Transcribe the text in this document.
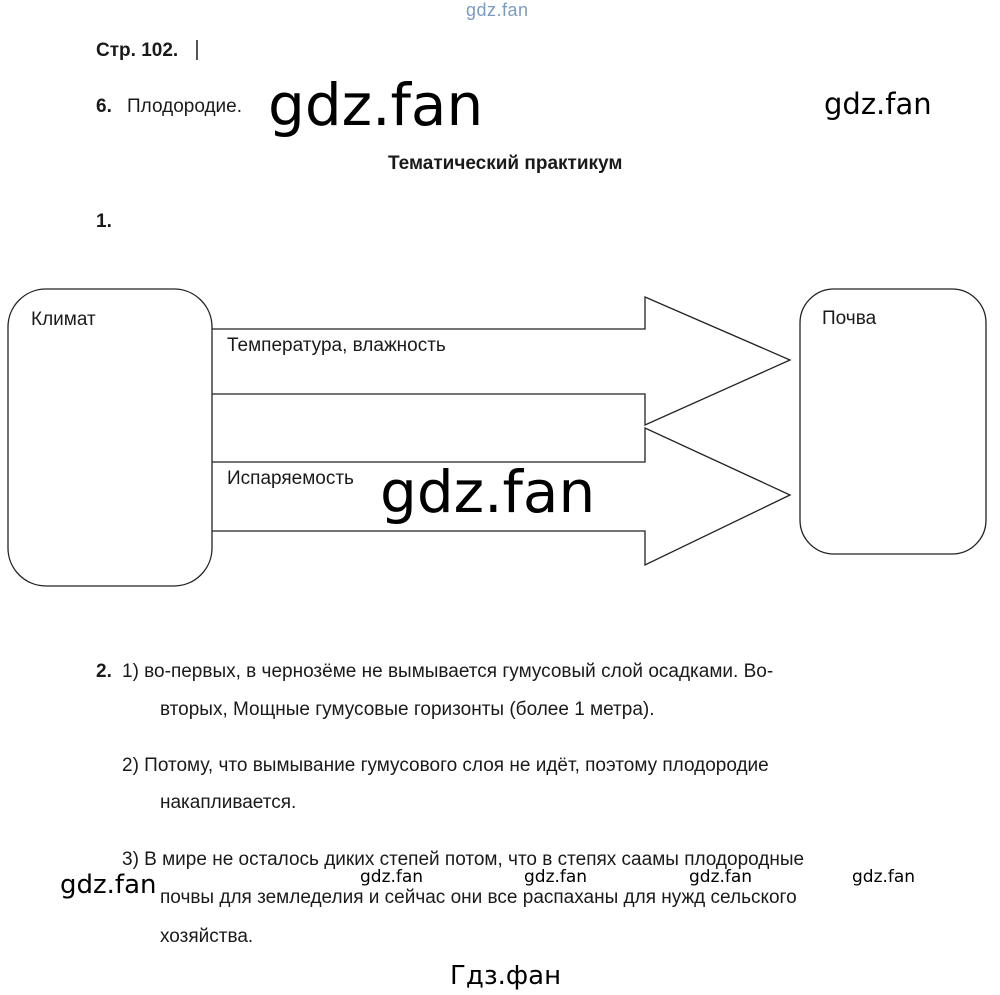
gdz.fan
Стр. 102.
6. Плодородие. gdz.fan	gdz.fan
Тематический практикум
1.
Климат	Почва
Температура, влажность
Испаряемость gdz.fan
2. 1) во-первых, в чернозёме не вымывается гумусовый слой осадками. Во-
вторых, Мощные гумусовые горизонты (более 1 метра).
2) Потому, что вымывание гумусового слоя не идёт, поэтому плодородие
накапливается.
3) В мире не осталось диких степей потом, что в степях саамы плодородные
почвы для земледелия и сейчас они все распаханы для нужд сельского
хозяйства.
gdz.fan	gdz.fan	gdz.fan	gdz.fan	gdz.fan
Гдз.фан
